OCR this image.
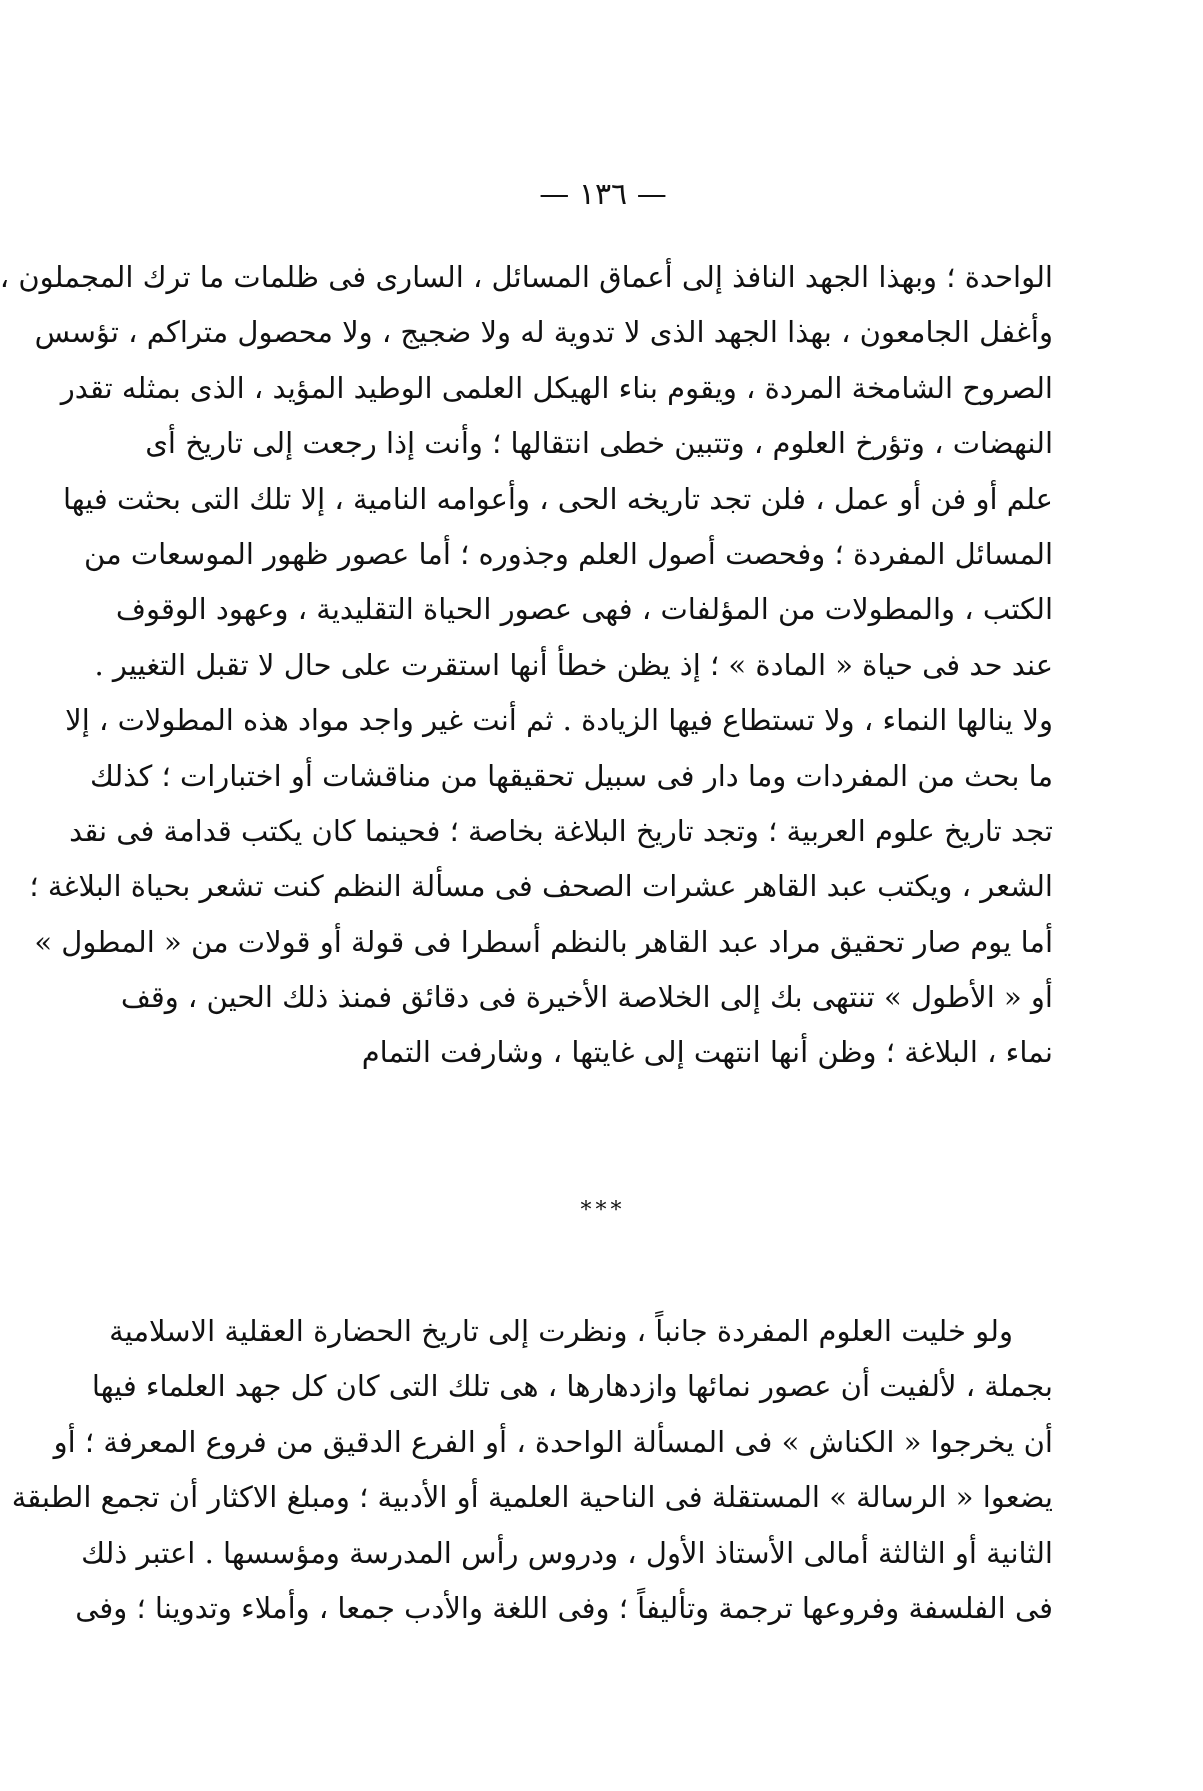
— ١٣٦ —
الواحدة ؛ وبهذا الجهد النافذ إلى أعماق المسائل ، السارى فى ظلمات ما ترك المجملون ،
وأغفل الجامعون ، بهذا الجهد الذى لا تدوية له ولا ضجيج ، ولا محصول متراكم ، تؤسس
الصروح الشامخة المردة ، ويقوم بناء الهيكل العلمى الوطيد المؤيد ، الذى بمثله تقدر
النهضات ، وتؤرخ العلوم ، وتتبين خطى انتقالها ؛ وأنت إذا رجعت إلى تاريخ أى
علم أو فن أو عمل ، فلن تجد تاريخه الحى ، وأعوامه النامية ، إلا تلك التى بحثت فيها
المسائل المفردة ؛ وفحصت أصول العلم وجذوره ؛ أما عصور ظهور الموسعات من
الكتب ، والمطولات من المؤلفات ، فهى عصور الحياة التقليدية ، وعهود الوقوف
عند حد فى حياة « المادة » ؛ إذ يظن خطأ أنها استقرت على حال لا تقبل التغيير .
ولا ينالها النماء ، ولا تستطاع فيها الزيادة . ثم أنت غير واجد مواد هذه المطولات ، إلا
ما بحث من المفردات وما دار فى سبيل تحقيقها من مناقشات أو اختبارات ؛ كذلك
تجد تاريخ علوم العربية ؛ وتجد تاريخ البلاغة بخاصة ؛ فحينما كان يكتب قدامة فى نقد
الشعر ، ويكتب عبد القاهر عشرات الصحف فى مسألة النظم كنت تشعر بحياة البلاغة ؛
أما يوم صار تحقيق مراد عبد القاهر بالنظم أسطرا فى قولة أو قولات من « المطول »
أو « الأطول » تنتهى بك إلى الخلاصة الأخيرة فى دقائق فمنذ ذلك الحين ، وقف
نماء ، البلاغة ؛ وظن أنها انتهت إلى غايتها ، وشارفت التمام
***
ولو خليت العلوم المفردة جانباً ، ونظرت إلى تاريخ الحضارة العقلية الاسلامية
بجملة ، لألفيت أن عصور نمائها وازدهارها ، هى تلك التى كان كل جهد العلماء فيها
أن يخرجوا « الكناش » فى المسألة الواحدة ، أو الفرع الدقيق من فروع المعرفة ؛ أو
يضعوا « الرسالة » المستقلة فى الناحية العلمية أو الأدبية ؛ ومبلغ الاكثار أن تجمع الطبقة
الثانية أو الثالثة أمالى الأستاذ الأول ، ودروس رأس المدرسة ومؤسسها . اعتبر ذلك
فى الفلسفة وفروعها ترجمة وتأليفاً ؛ وفى اللغة والأدب جمعا ، وأملاء وتدوينا ؛ وفى
